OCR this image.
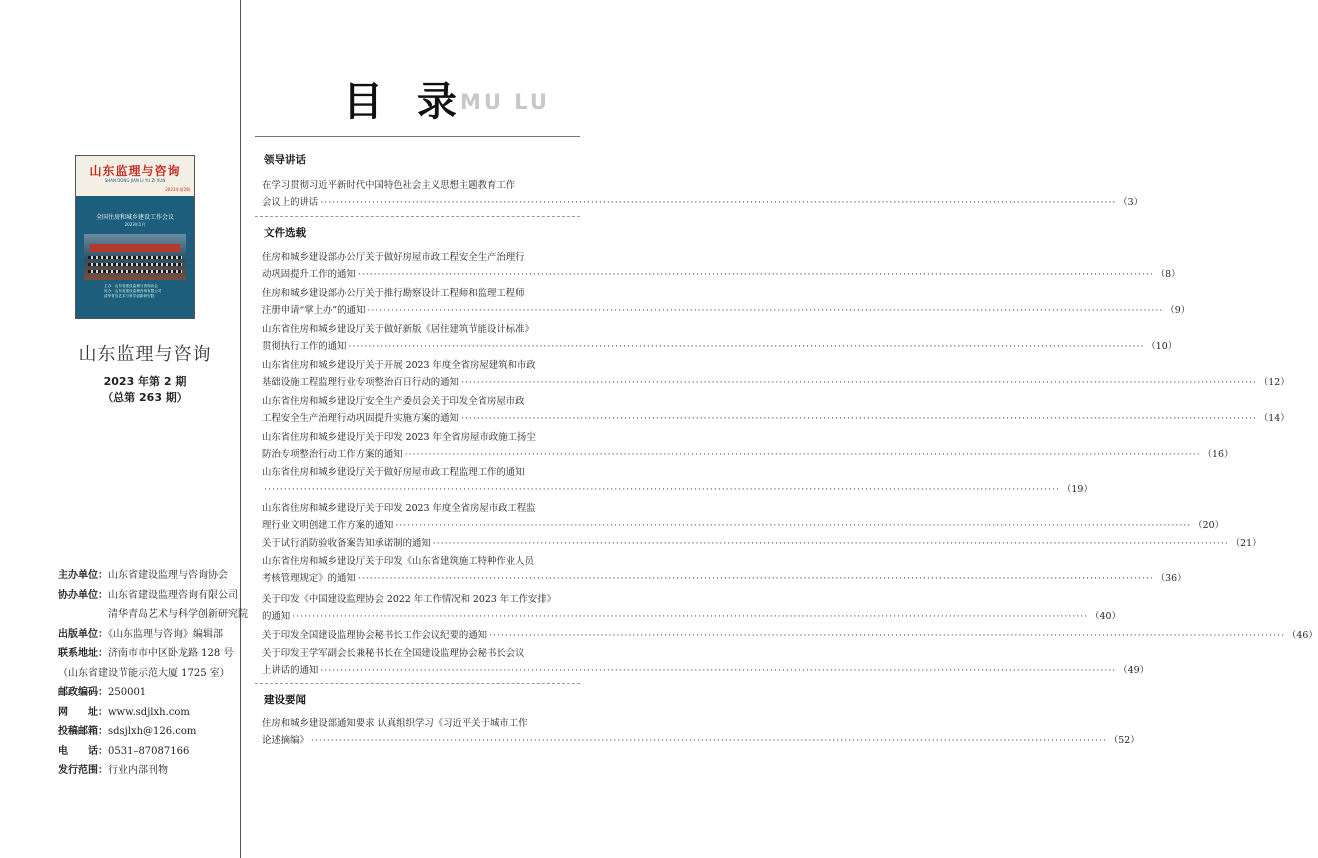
山东监理与咨询
SHAN DONG JIAN LI YU ZI XUN
2023年第2期
全国住房和城乡建设工作会议
2023年1月
主办：山东省建设监理与咨询协会
协办：山东省建设监理咨询有限公司
清华青岛艺术与科学创新研究院
山东监理与咨询
2023 年第 2 期
（总第 263 期）
主办单位：山东省建设监理与咨询协会
协办单位：山东省建设监理咨询有限公司
清华青岛艺术与科学创新研究院
出版单位：《山东监理与咨询》编辑部
联系地址：济南市市中区卧龙路 128 号
（山东省建设节能示范大厦 1725 室）
邮政编码：250001
网　　址：www.sdjlxh.com
投稿邮箱：sdsjlxh@126.com
电　　话：0531–87087166
发行范围：行业内部刊物
目 录
MU LU
领导讲话
在学习贯彻习近平新时代中国特色社会主义思想主题教育工作
会议上的讲话 ········································································································································································································ （3）
文件选载
住房和城乡建设部办公厅关于做好房屋市政工程安全生产治理行
动巩固提升工作的通知 ········································································································································································································ （8）
住房和城乡建设部办公厅关于推行勘察设计工程师和监理工程师
注册申请“掌上办”的通知 ········································································································································································································ （9）
山东省住房和城乡建设厅关于做好新版《居住建筑节能设计标准》
贯彻执行工作的通知 ········································································································································································································ （10）
山东省住房和城乡建设厅关于开展 2023 年度全省房屋建筑和市政
基础设施工程监理行业专项整治百日行动的通知 ········································································································································································································ （12）
山东省住房和城乡建设厅安全生产委员会关于印发全省房屋市政
工程安全生产治理行动巩固提升实施方案的通知 ········································································································································································································ （14）
山东省住房和城乡建设厅关于印发 2023 年全省房屋市政施工扬尘
防治专项整治行动工作方案的通知 ········································································································································································································ （16）
山东省住房和城乡建设厅关于做好房屋市政工程监理工作的通知
········································································································································································································ （19）
山东省住房和城乡建设厅关于印发 2023 年度全省房屋市政工程监
理行业文明创建工作方案的通知 ········································································································································································································ （20）
关于试行消防验收备案告知承诺制的通知 ········································································································································································································ （21）
山东省住房和城乡建设厅关于印发《山东省建筑施工特种作业人员
考核管理规定》的通知 ········································································································································································································ （36）
关于印发《中国建设监理协会 2022 年工作情况和 2023 年工作安排》
的通知 ········································································································································································································ （40）
关于印发全国建设监理协会秘书长工作会议纪要的通知 ········································································································································································································ （46）
关于印发王学军副会长兼秘书长在全国建设监理协会秘书长会议
上讲话的通知 ········································································································································································································ （49）
建设要闻
住房和城乡建设部通知要求 认真组织学习《习近平关于城市工作
论述摘编》 ········································································································································································································ （52）
